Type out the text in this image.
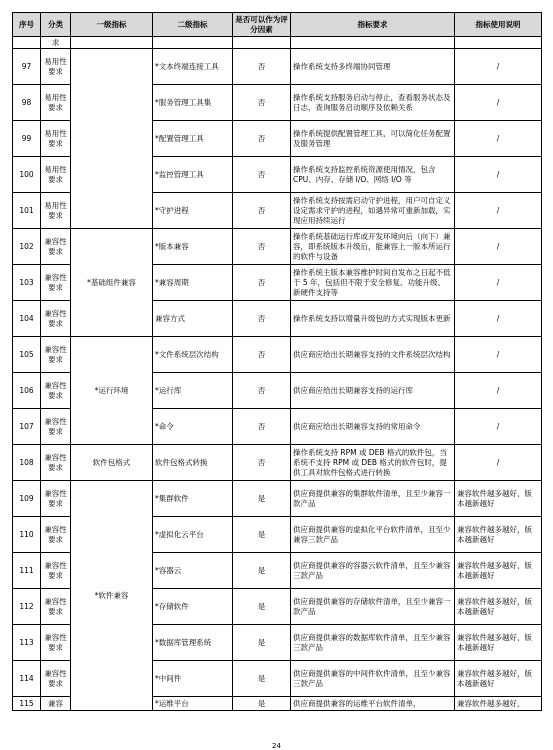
序号	分类	一级指标	二级指标	是否可以作为评分因素	指标要求	指标使用说明
	求					
97	易用性要求		*文本终端连接工具	否	操作系统支持多终端协同管理	/
98	易用性要求		*服务管理工具集	否	操作系统支持服务启动与停止，查看服务状态及日志，查询服务启动顺序及依赖关系	/
99	易用性要求		*配置管理工具	否	操作系统提供配置管理工具，可以简化任务配置及服务管理	/
100	易用性要求		*监控管理工具	否	操作系统支持监控系统资源使用情况，包含 CPU、内存、存储 I/O、网络 I/O 等	/
101	易用性要求		*守护进程	否	操作系统支持按需启动守护进程，用户可自定义设定需求守护的进程，如遇异常可重新加载，实现应用持续运行	/
102	兼容性要求	*基础组件兼容	*版本兼容	否	操作系统基础运行库或开发环境向后（向下）兼容，即系统版本升级后，能兼容上一版本所运行的软件与设备	/
103	兼容性要求		*兼容周期	否	操作系统主版本兼容维护时间自发布之日起不低于 5 年，包括但不限于安全修复、功能升级、新硬件支持等	/
104	兼容性要求		兼容方式	否	操作系统支持以增量升级包的方式实现版本更新	/
105	兼容性要求	*运行环境	*文件系统层次结构	否	供应商应给出长期兼容支持的文件系统层次结构	/
106	兼容性要求		*运行库	否	供应商应给出长期兼容支持的运行库	/
107	兼容性要求		*命令	否	供应商应给出长期兼容支持的常用命令	/
108	兼容性要求	软件包格式	软件包格式转换	否	操作系统支持 RPM 或 DEB 格式的软件包，当系统不支持 RPM 或 DEB 格式的软件包时，提供工具对软件包格式进行转换	/
109	兼容性要求	*软件兼容	*集群软件	是	供应商提供兼容的集群软件清单，且至少兼容一款产品	兼容软件越多越好，版本越新越好
110	兼容性要求		*虚拟化云平台	是	供应商提供兼容的虚拟化平台软件清单，且至少兼容三款产品	兼容软件越多越好，版本越新越好
111	兼容性要求		*容器云	是	供应商提供兼容的容器云软件清单，且至少兼容三款产品	兼容软件越多越好，版本越新越好
112	兼容性要求		*存储软件	是	供应商提供兼容的存储软件清单，且至少兼容一款产品	兼容软件越多越好，版本越新越好
113	兼容性要求		*数据库管理系统	是	供应商提供兼容的数据库软件清单，且至少兼容三款产品	兼容软件越多越好，版本越新越好
114	兼容性要求		*中间件	是	供应商提供兼容的中间件软件清单，且至少兼容三款产品	兼容软件越多越好，版本越新越好
115	兼容		*运维平台	是	供应商提供兼容的运维平台软件清单，	兼容软件越多越好，
24
